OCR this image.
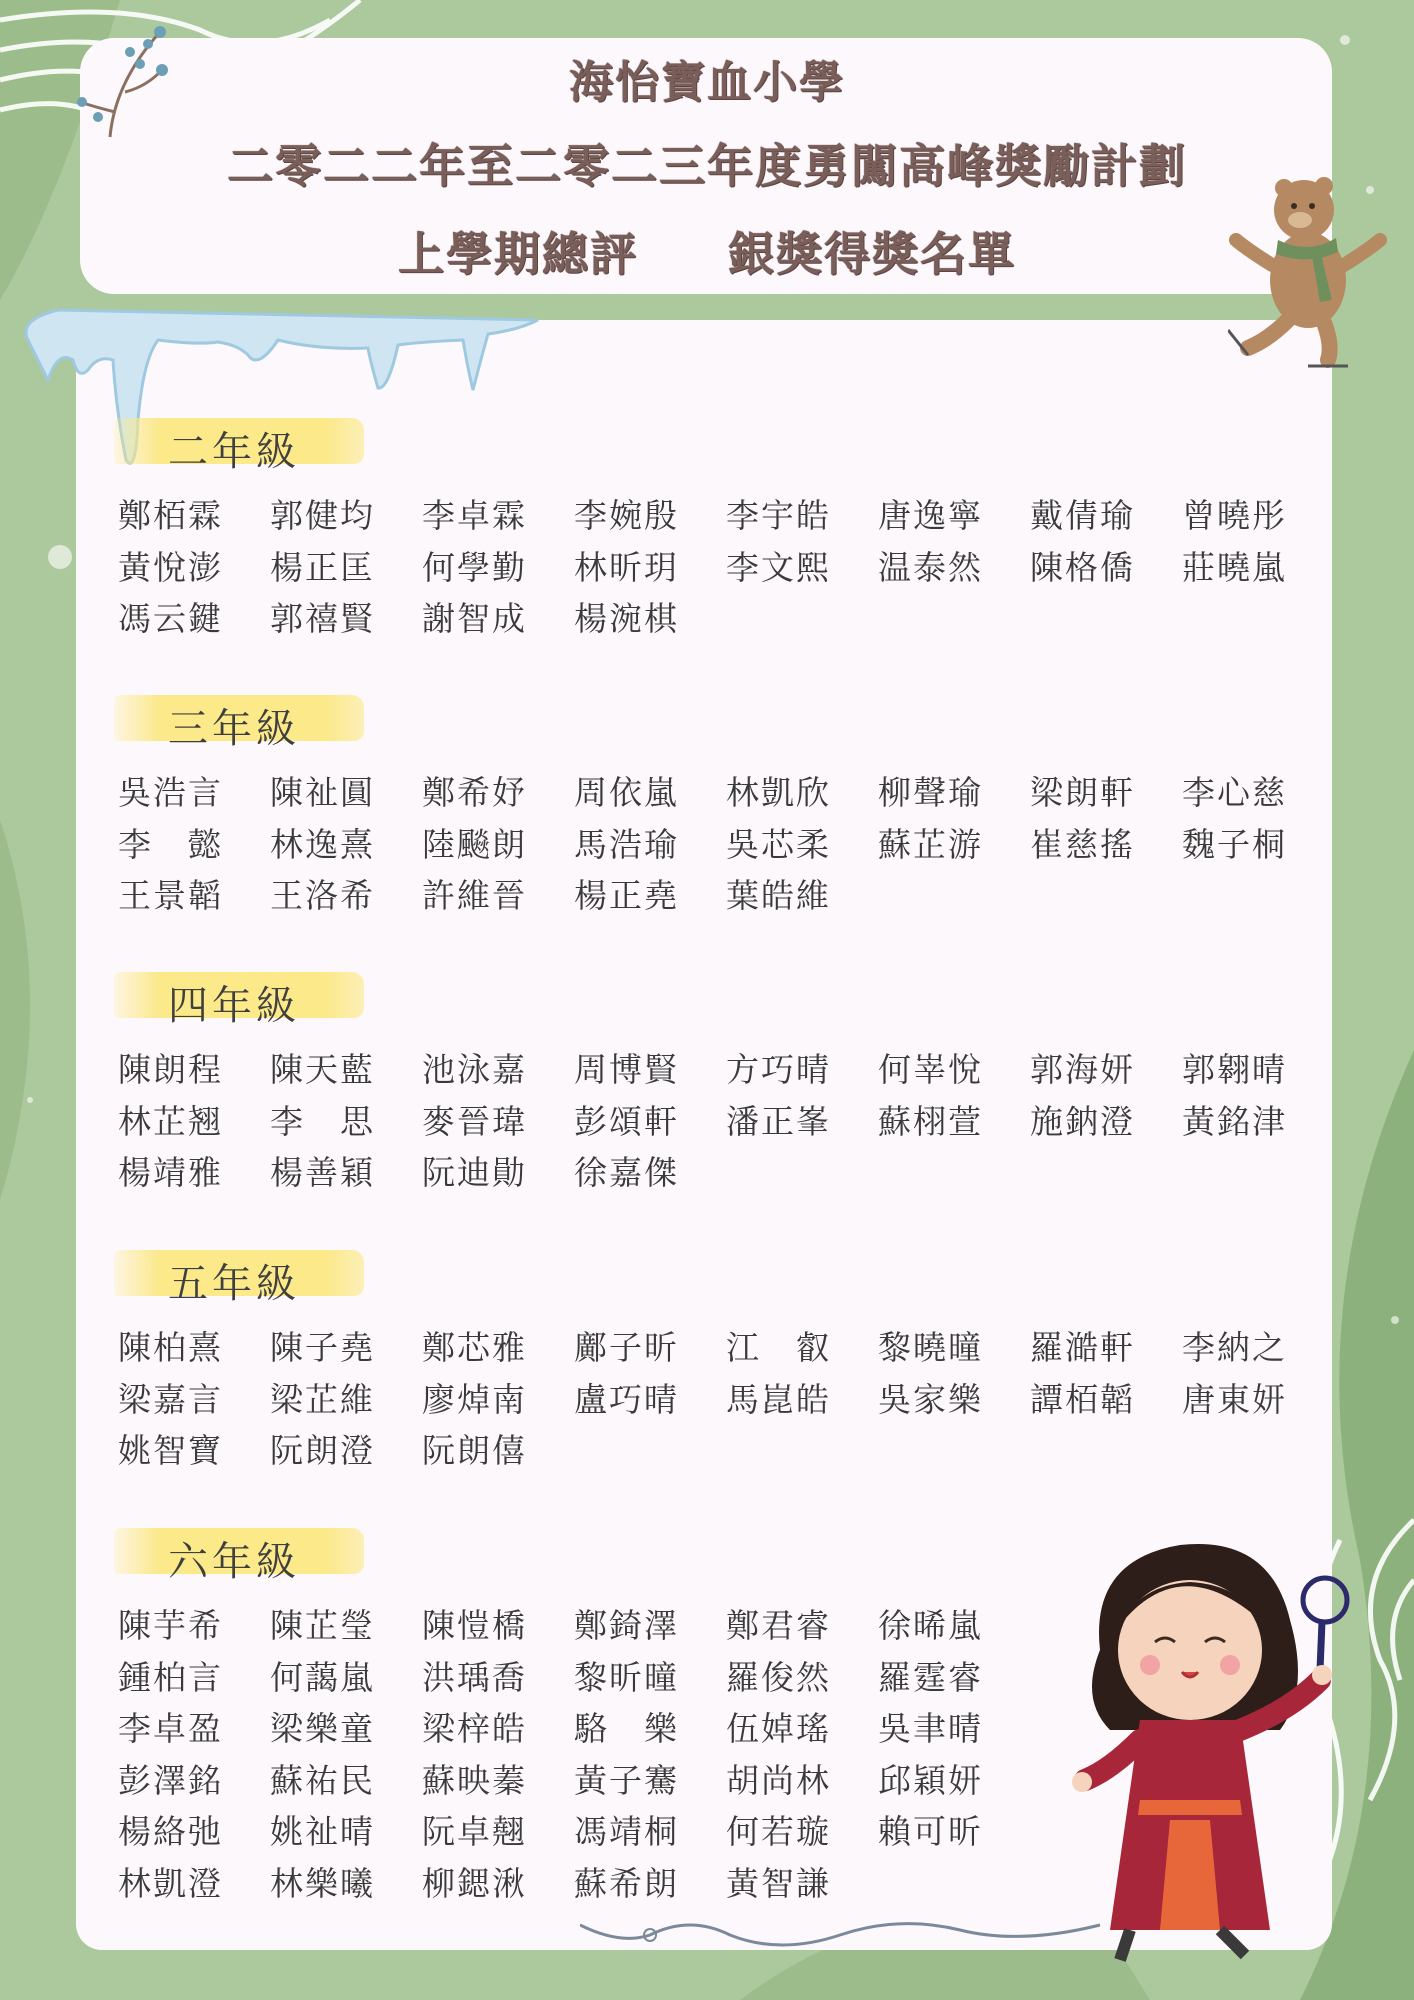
海怡寶血小學
二零二二年至二零二三年度勇闖高峰獎勵計劃
上學期總評 銀獎得獎名單
二年級
鄭栢霖	郭健均	李卓霖	李婉殷	李宇皓	唐逸寧	戴倩瑜	曾曉彤
黃悅澎	楊正匡	何學勤	林昕玥	李文熙	温泰然	陳格僑	莊曉嵐
馮云鍵	郭禧賢	謝智成	楊涴棋
三年級
吳浩言	陳祉圓	鄭希妤	周依嵐	林凱欣	柳聲瑜	梁朗軒	李心慈
李　懿	林逸熹	陸飈朗	馬浩瑜	吳芯柔	蘇芷游	崔慈搖	魏子桐
王景韜	王洛希	許維晉	楊正堯	葉皓維
四年級
陳朗程	陳天藍	池泳嘉	周博賢	方巧晴	何峷悅	郭海妍	郭翱晴
林芷翘	李　思	麥晉瑋	彭頌軒	潘正峯	蘇栩萱	施鈉澄	黃銘津
楊靖雅	楊善穎	阮迪勛	徐嘉傑
五年級
陳柏熹	陳子堯	鄭芯雅	鄺子昕	江　叡	黎曉曈	羅澔軒	李納之
梁嘉言	梁芷維	廖焯南	盧巧晴	馬崑皓	吳家樂	譚栢韜	唐東妍
姚智寶	阮朗澄	阮朗僖
六年級
陳芋希	陳芷瑩	陳愷橋	鄭錡澤	鄭君睿	徐晞嵐
鍾柏言	何藹嵐	洪瑀喬	黎昕曈	羅俊然	羅霆睿
李卓盈	梁樂童	梁梓皓	駱　樂	伍婥瑤	吳聿晴
彭澤銘	蘇祐民	蘇映蓁	黃子騫	胡尚林	邱穎妍
楊絡弛	姚祉晴	阮卓翹	馮靖桐	何若璇	賴可昕
林凱澄	林樂曦	柳鍶湫	蘇希朗	黃智謙
